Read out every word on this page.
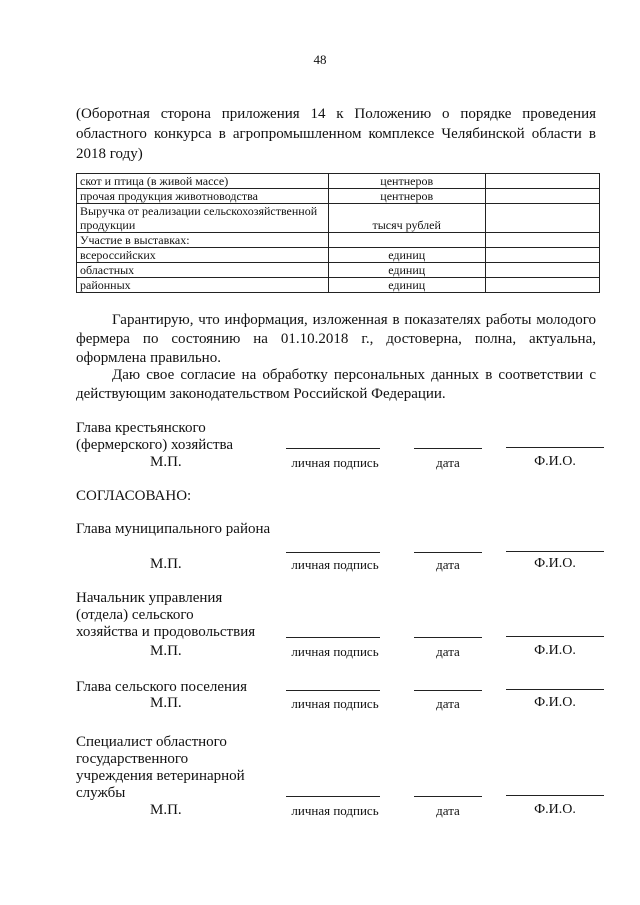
48
(Оборотная сторона приложения 14 к Положению о порядке проведения областного конкурса в агропромышленном комплексе Челябинской области в 2018 году)
скот и птица (в живой массе)	центнеров	
прочая продукция животноводства	центнеров	
Выручка от реализации сельскохозяйственной продукции	тысяч рублей	
Участие в выставках:		
всероссийских	единиц	
областных	единиц	
районных	единиц	
Гарантирую, что информация, изложенная в показателях работы молодого фермера по состоянию на 01.10.2018 г., достоверна, полна, актуальна, оформлена правильно.
Даю свое согласие на обработку персональных данных в соответствии с действующим законодательством Российской Федерации.
Глава крестьянского (фермерского) хозяйства
М.П.	личная подпись	дата	Ф.И.О.
СОГЛАСОВАНО:
Глава муниципального района
М.П.	личная подпись	дата	Ф.И.О.
Начальник управления (отдела) сельского хозяйства и продовольствия
М.П.	личная подпись	дата	Ф.И.О.
Глава сельского поселения
М.П.	личная подпись	дата	Ф.И.О.
Специалист областного государственного учреждения ветеринарной службы
М.П.	личная подпись	дата	Ф.И.О.
